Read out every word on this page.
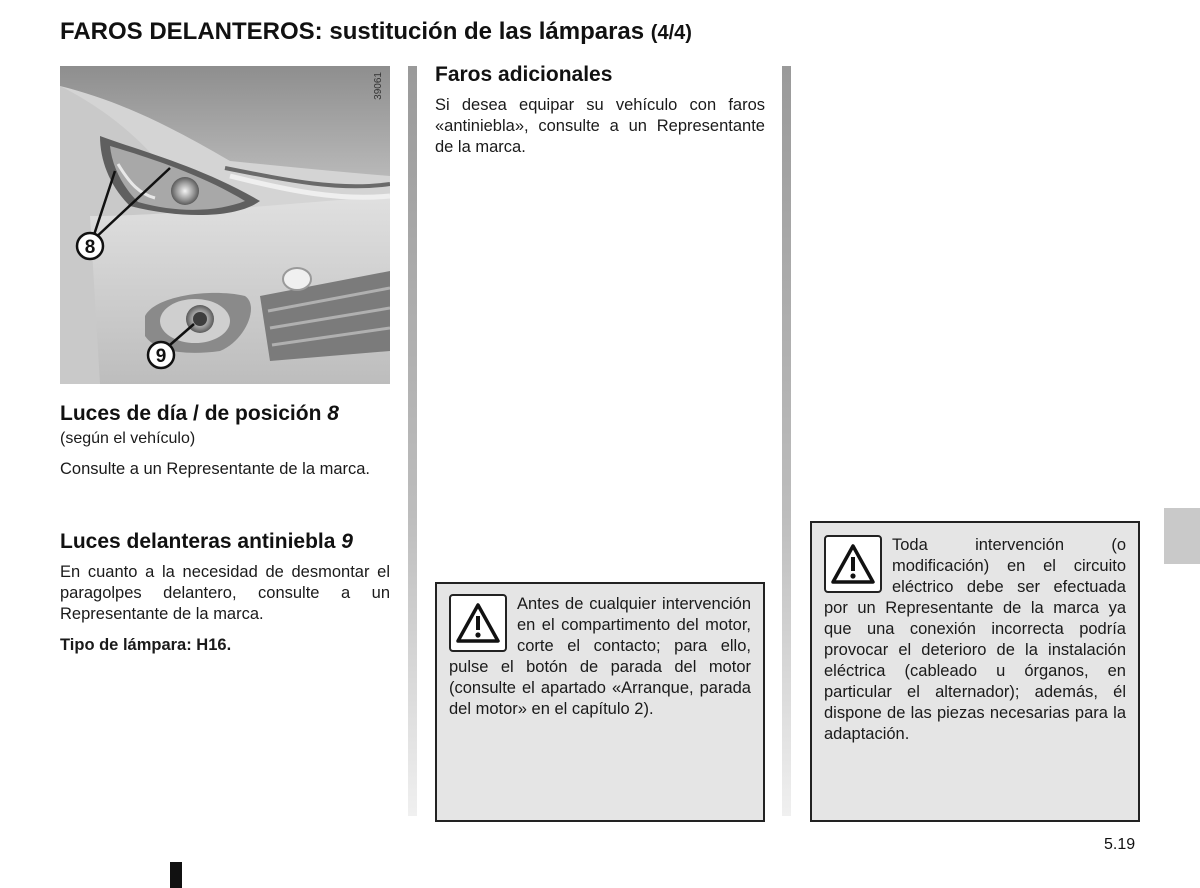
FAROS DELANTEROS: sustitución de las lámparas (4/4)
8
9
39061
Luces de día / de posición 8

(según el vehículo)

Consulte a un Representante de la marca.

Luces delanteras antiniebla 9

En cuanto a la necesidad de desmontar el paragolpes delantero, consulte a un Representante de la marca.

Tipo de lámpara: H16.

Faros adicionales

Si desea equipar su vehículo con faros «antiniebla», consulte a un Representante de la marca.

Antes de cualquier intervención en el compartimento del motor, corte el contacto; para ello, pulse el botón de parada del motor (consulte el apartado «Arranque, parada del motor» en el capítulo 2).
Toda intervención (o modificación) en el circuito eléctrico debe ser efectuada por un Representante de la marca ya que una conexión incorrecta podría provocar el deterioro de la instalación eléctrica (cableado u órganos, en particular el alternador); además, él dispone de las piezas necesarias para la adaptación.
5.19
